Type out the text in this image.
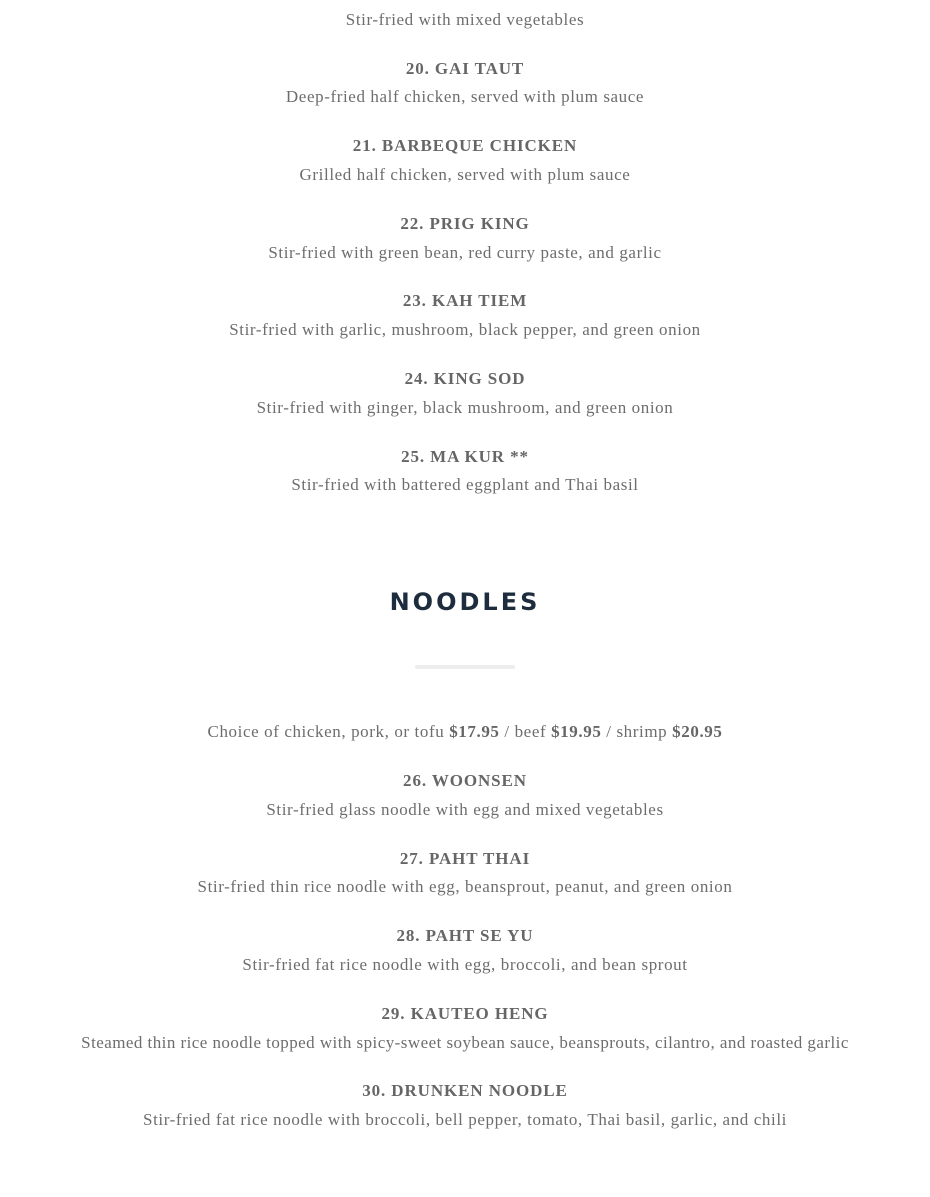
Stir-fried with mixed vegetables
20. GAI TAUT
Deep-fried half chicken, served with plum sauce
21. BARBEQUE CHICKEN
Grilled half chicken, served with plum sauce
22. PRIG KING
Stir-fried with green bean, red curry paste, and garlic
23. KAH TIEM
Stir-fried with garlic, mushroom, black pepper, and green onion
24. KING SOD
Stir-fried with ginger, black mushroom, and green onion
25. MA KUR **
Stir-fried with battered eggplant and Thai basil
NOODLES
Choice of chicken, pork, or tofu $17.95 / beef $19.95 / shrimp $20.95
26. WOONSEN
Stir-fried glass noodle with egg and mixed vegetables
27. PAHT THAI
Stir-fried thin rice noodle with egg, beansprout, peanut, and green onion
28. PAHT SE YU
Stir-fried fat rice noodle with egg, broccoli, and bean sprout
29. KAUTEO HENG
Steamed thin rice noodle topped with spicy-sweet soybean sauce, beansprouts, cilantro, and roasted garlic
30. DRUNKEN NOODLE
Stir-fried fat rice noodle with broccoli, bell pepper, tomato, Thai basil, garlic, and chili
